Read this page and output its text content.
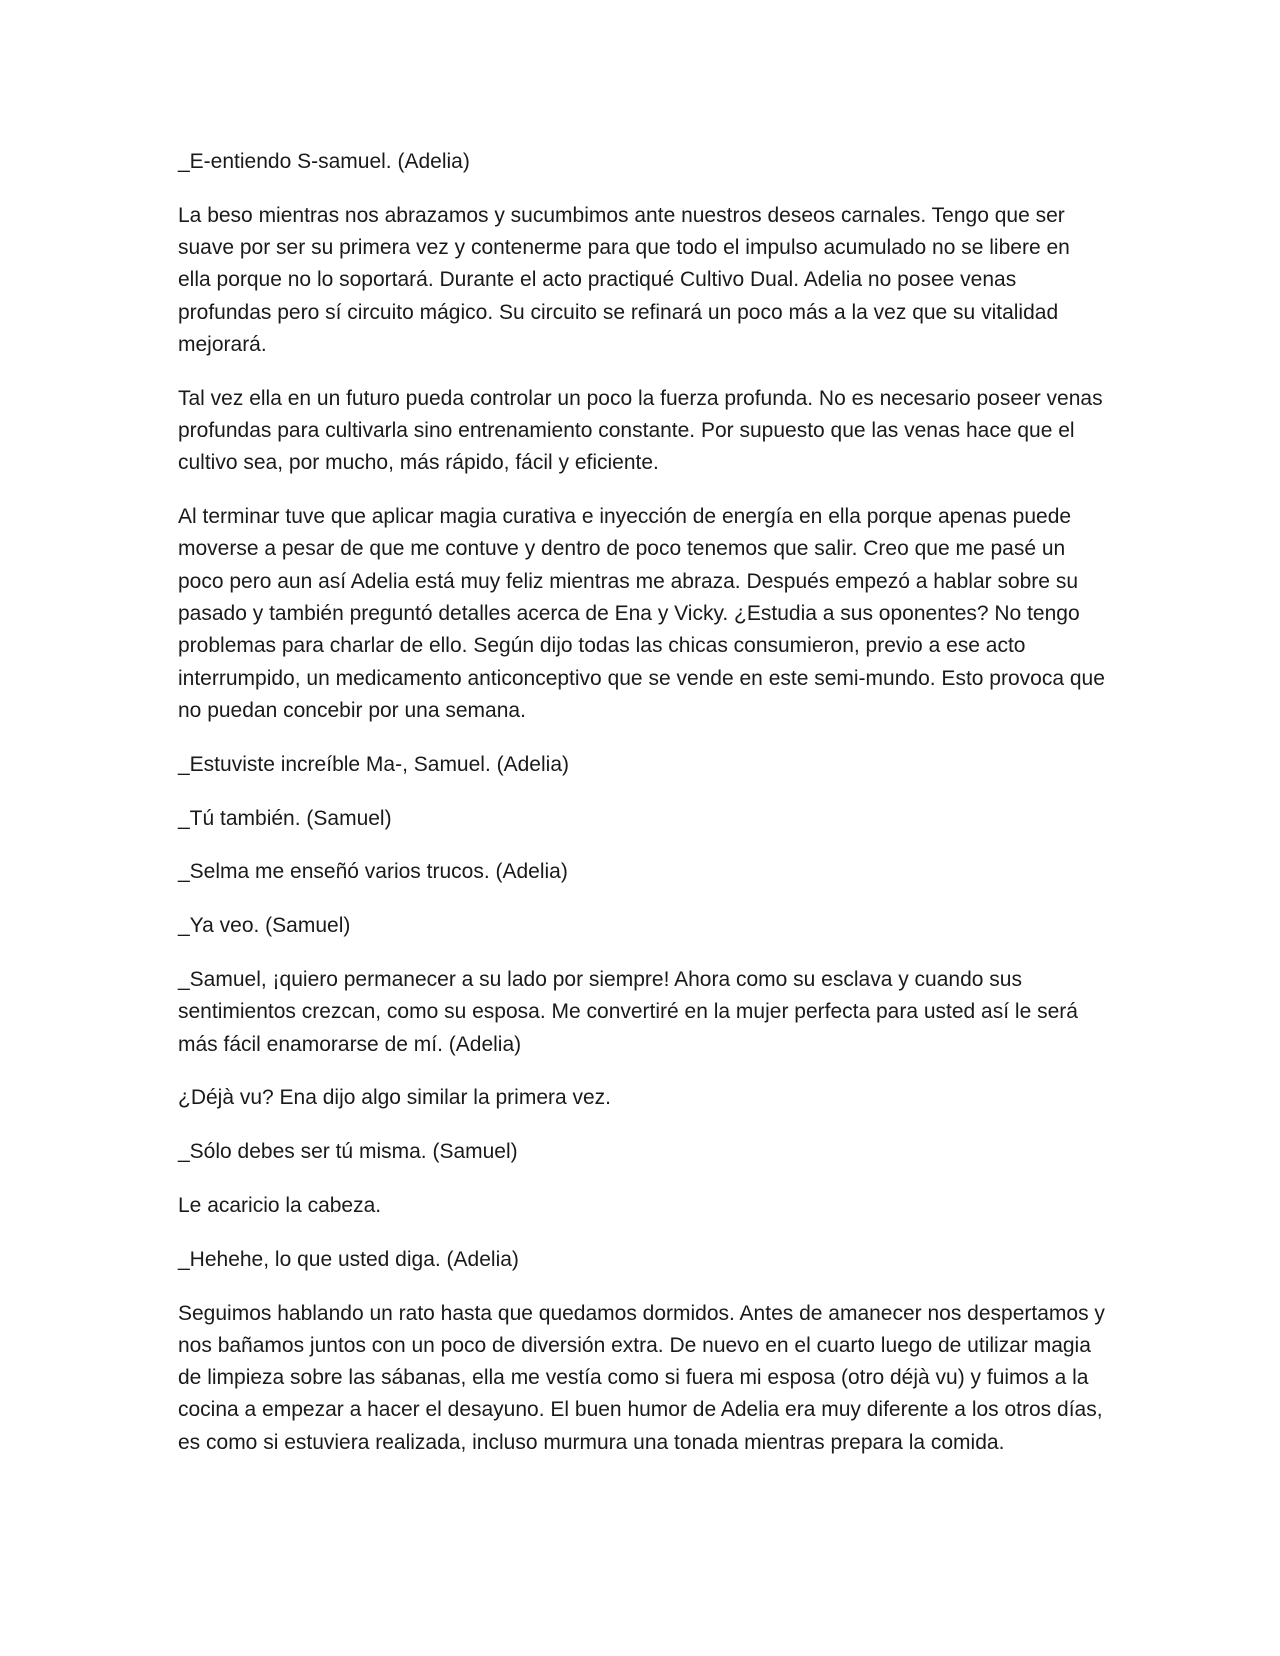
_E-entiendo S-samuel. (Adelia)

La beso mientras nos abrazamos y sucumbimos ante nuestros deseos carnales. Tengo que ser suave por ser su primera vez y contenerme para que todo el impulso acumulado no se libere en ella porque no lo soportará. Durante el acto practiqué Cultivo Dual. Adelia no posee venas profundas pero sí circuito mágico. Su circuito se refinará un poco más a la vez que su vitalidad mejorará.

Tal vez ella en un futuro pueda controlar un poco la fuerza profunda. No es necesario poseer venas profundas para cultivarla sino entrenamiento constante. Por supuesto que las venas hace que el cultivo sea, por mucho, más rápido, fácil y eficiente.

Al terminar tuve que aplicar magia curativa e inyección de energía en ella porque apenas puede moverse a pesar de que me contuve y dentro de poco tenemos que salir. Creo que me pasé un poco pero aun así Adelia está muy feliz mientras me abraza. Después empezó a hablar sobre su pasado y también preguntó detalles acerca de Ena y Vicky. ¿Estudia a sus oponentes? No tengo problemas para charlar de ello. Según dijo todas las chicas consumieron, previo a ese acto interrumpido, un medicamento anticonceptivo que se vende en este semi-mundo. Esto provoca que no puedan concebir por una semana.

_Estuviste increíble Ma-, Samuel. (Adelia)

_Tú también. (Samuel)

_Selma me enseñó varios trucos. (Adelia)

_Ya veo. (Samuel)

_Samuel, ¡quiero permanecer a su lado por siempre! Ahora como su esclava y cuando sus sentimientos crezcan, como su esposa. Me convertiré en la mujer perfecta para usted así le será más fácil enamorarse de mí. (Adelia)

¿Déjà vu? Ena dijo algo similar la primera vez.

_Sólo debes ser tú misma. (Samuel)

Le acaricio la cabeza.

_Hehehe, lo que usted diga. (Adelia)

Seguimos hablando un rato hasta que quedamos dormidos. Antes de amanecer nos despertamos y nos bañamos juntos con un poco de diversión extra. De nuevo en el cuarto luego de utilizar magia de limpieza sobre las sábanas, ella me vestía como si fuera mi esposa (otro déjà vu) y fuimos a la cocina a empezar a hacer el desayuno. El buen humor de Adelia era muy diferente a los otros días, es como si estuviera realizada, incluso murmura una tonada mientras prepara la comida.
